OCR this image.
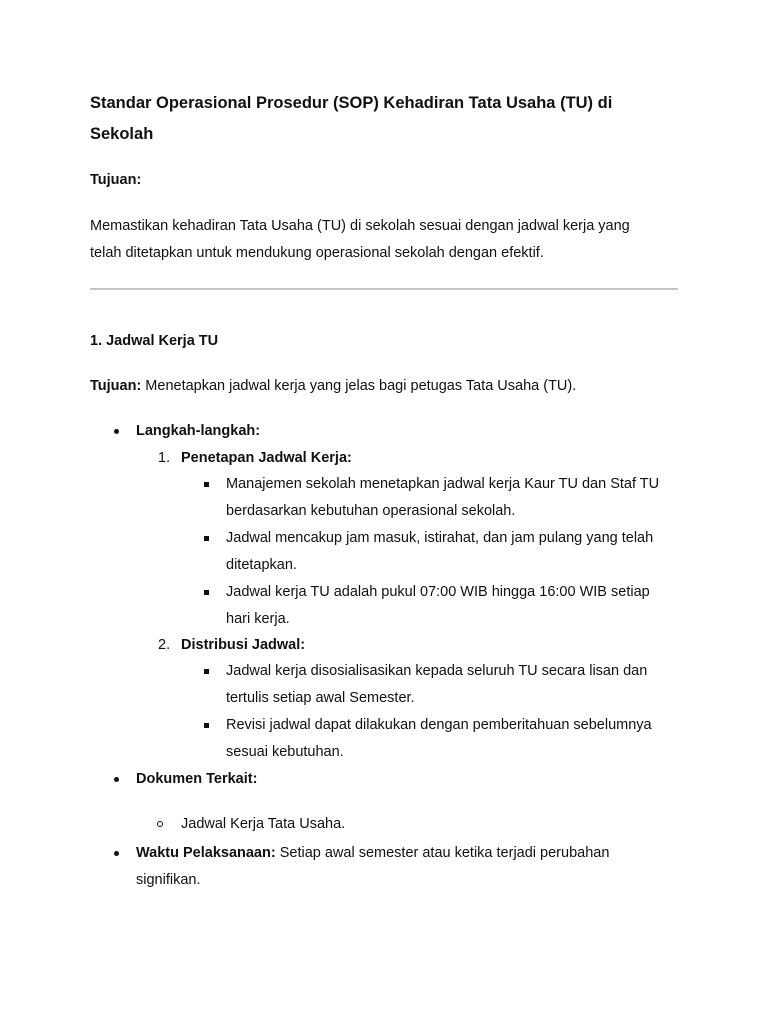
Standar Operasional Prosedur (SOP) Kehadiran Tata Usaha (TU) di
Sekolah
Tujuan:
Memastikan kehadiran Tata Usaha (TU) di sekolah sesuai dengan jadwal kerja yang
telah ditetapkan untuk mendukung operasional sekolah dengan efektif.
1. Jadwal Kerja TU
Tujuan: Menetapkan jadwal kerja yang jelas bagi petugas Tata Usaha (TU).
Langkah-langkah:
1. Penetapan Jadwal Kerja:
Manajemen sekolah menetapkan jadwal kerja Kaur TU dan Staf TU
berdasarkan kebutuhan operasional sekolah.
Jadwal mencakup jam masuk, istirahat, dan jam pulang yang telah
ditetapkan.
Jadwal kerja TU adalah pukul 07:00 WIB hingga 16:00 WIB setiap
hari kerja.
2. Distribusi Jadwal:
Jadwal kerja disosialisasikan kepada seluruh TU secara lisan dan
tertulis setiap awal Semester.
Revisi jadwal dapat dilakukan dengan pemberitahuan sebelumnya
sesuai kebutuhan.
Dokumen Terkait:
Jadwal Kerja Tata Usaha.
Waktu Pelaksanaan: Setiap awal semester atau ketika terjadi perubahan
signifikan.
